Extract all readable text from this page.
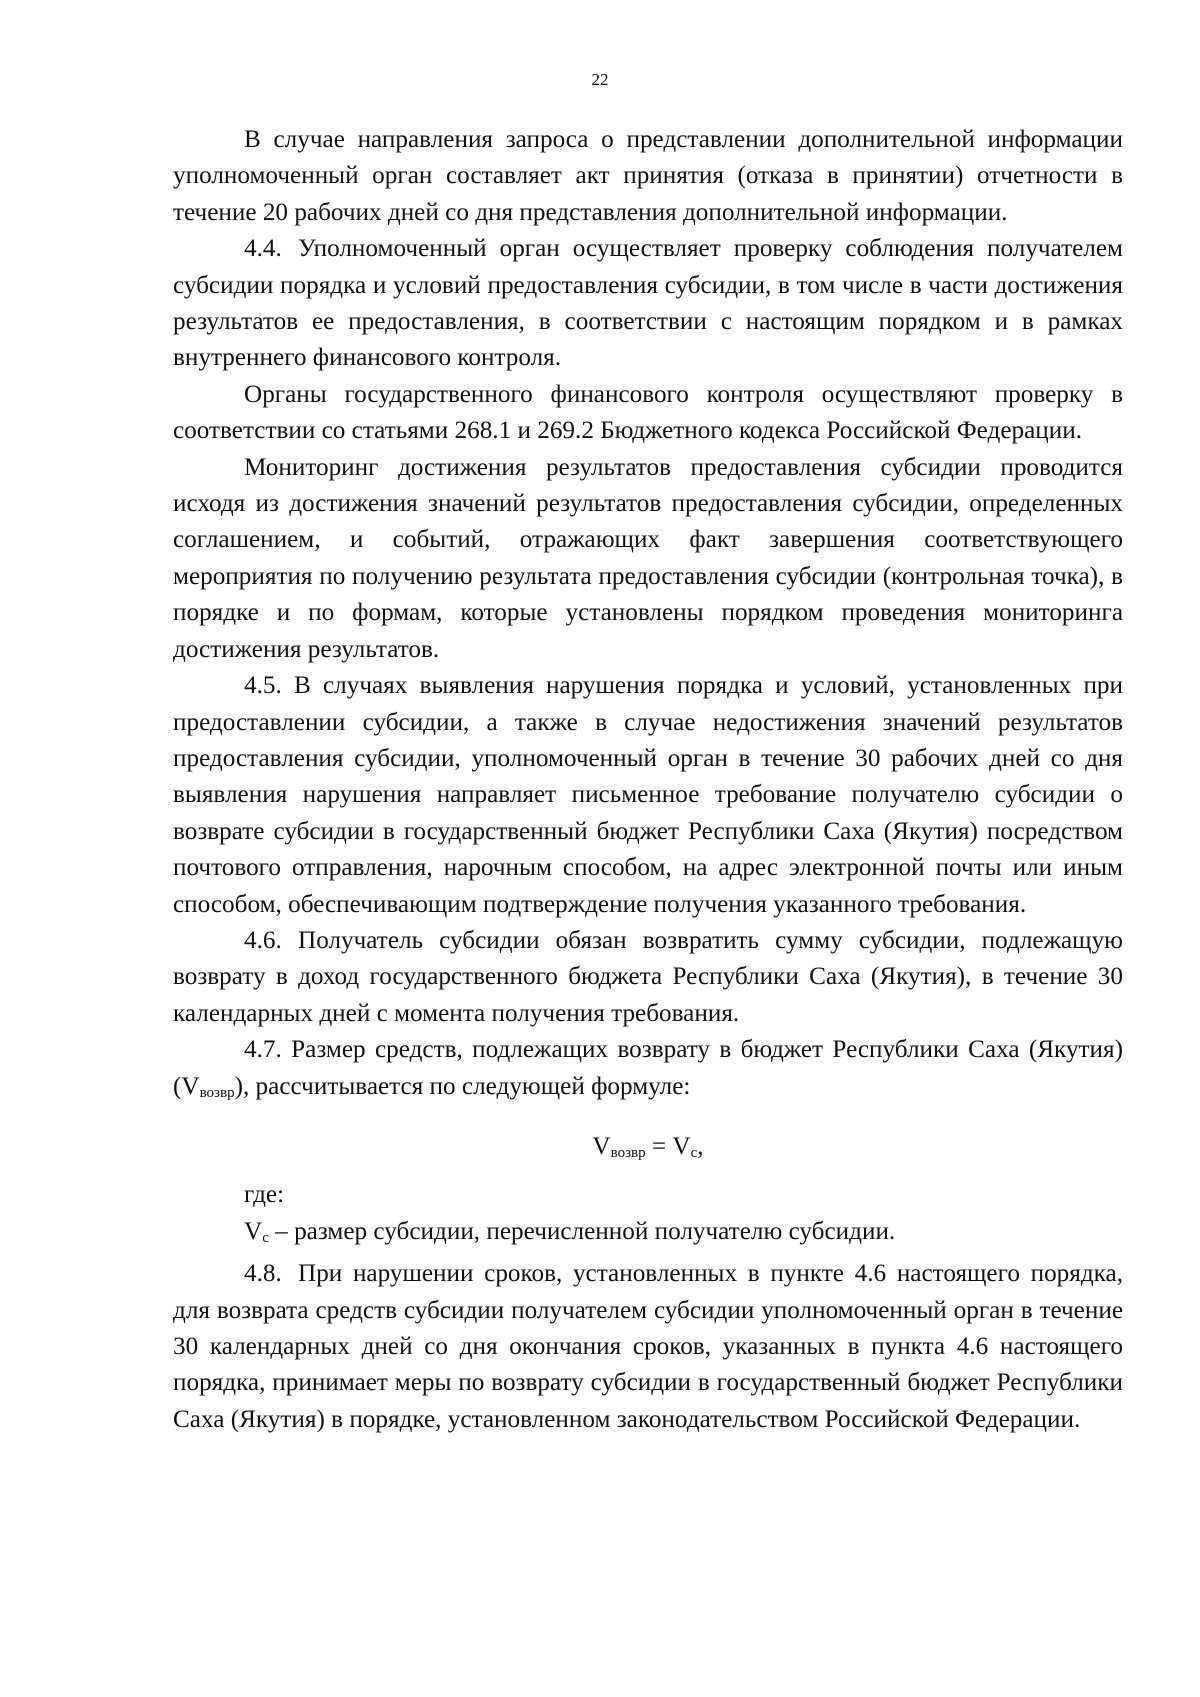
22

В случае направления запроса о представлении дополнительной информации уполномоченный орган составляет акт принятия (отказа в принятии) отчетности в течение 20 рабочих дней со дня представления дополнительной информации.

4.4. Уполномоченный орган осуществляет проверку соблюдения получателем субсидии порядка и условий предоставления субсидии, в том числе в части достижения результатов ее предоставления, в соответствии с настоящим порядком и в рамках внутреннего финансового контроля.

Органы государственного финансового контроля осуществляют проверку в соответствии со статьями 268.1 и 269.2 Бюджетного кодекса Российской Федерации.

Мониторинг достижения результатов предоставления субсидии проводится исходя из достижения значений результатов предоставления субсидии, определенных соглашением, и событий, отражающих факт завершения соответствующего мероприятия по получению результата предоставления субсидии (контрольная точка), в порядке и по формам, которые установлены порядком проведения мониторинга достижения результатов.

4.5. В случаях выявления нарушения порядка и условий, установленных при предоставлении субсидии, а также в случае недостижения значений результатов предоставления субсидии, уполномоченный орган в течение 30 рабочих дней со дня выявления нарушения направляет письменное требование получателю субсидии о возврате субсидии в государственный бюджет Республики Саха (Якутия) посредством почтового отправления, нарочным способом, на адрес электронной почты или иным способом, обеспечивающим подтверждение получения указанного требования.

4.6. Получатель субсидии обязан возвратить сумму субсидии, подлежащую возврату в доход государственного бюджета Республики Саха (Якутия), в течение 30 календарных дней с момента получения требования.

4.7. Размер средств, подлежащих возврату в бюджет Республики Саха (Якутия) $(V_{возвр})$, рассчитывается по следующей формуле:

$V_{возвр} = V_с$,

где:

$V_с$ – размер субсидии, перечисленной получателю субсидии.

4.8. При нарушении сроков, установленных в пункте 4.6 настоящего порядка, для возврата средств субсидии получателем субсидии уполномоченный орган в течение 30 календарных дней со дня окончания сроков, указанных в пункта 4.6 настоящего порядка, принимает меры по возврату субсидии в государственный бюджет Республики Саха (Якутия) в порядке, установленном законодательством Российской Федерации.
